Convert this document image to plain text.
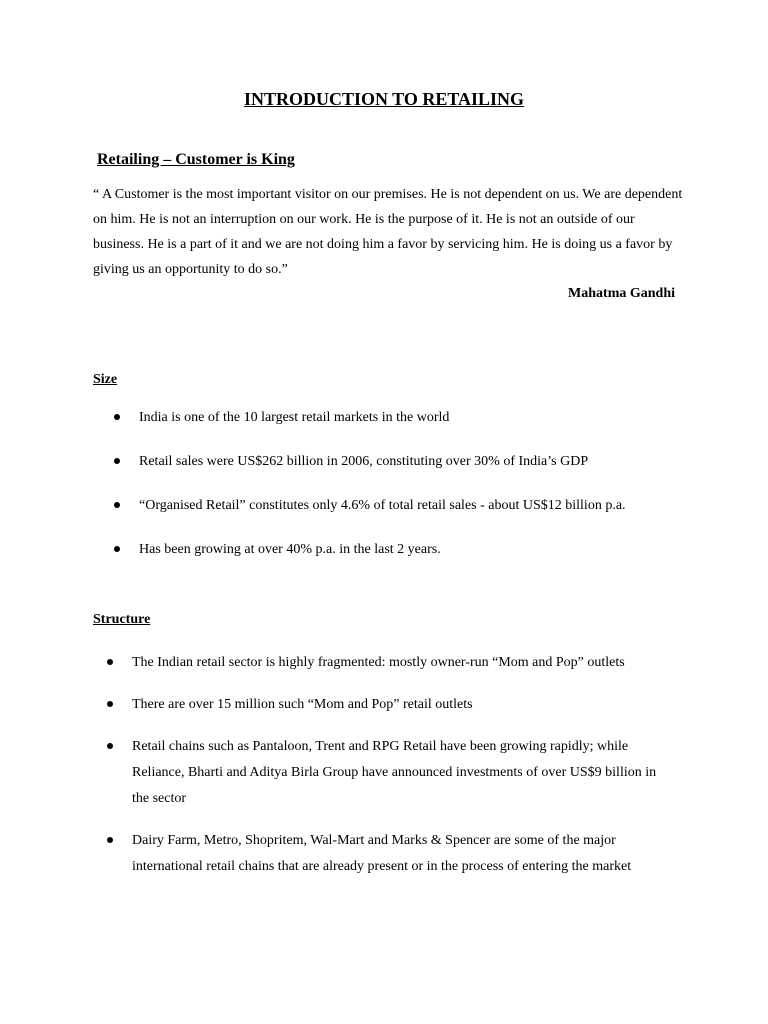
INTRODUCTION TO RETAILING
Retailing – Customer is King
“ A Customer is the most important visitor on our premises. He is not dependent on us. We are dependent on him. He is not an interruption on our work. He is the purpose of it. He is not an outside of our business. He is a part of it and we are not doing him a favor by servicing him. He is doing us a favor by giving us an opportunity to do so.”
Mahatma Gandhi
Size
India is one of the 10 largest retail markets in the world
Retail sales were US$262 billion in 2006, constituting over 30% of India’s GDP
“Organised Retail” constitutes only 4.6% of total retail sales - about US$12 billion p.a.
Has been growing at over 40% p.a. in the last 2 years.
Structure
The Indian retail sector is highly fragmented: mostly owner-run “Mom and Pop” outlets
There are over 15 million such “Mom and Pop” retail outlets
Retail chains such as Pantaloon, Trent and RPG Retail have been growing rapidly; while Reliance, Bharti and Aditya Birla Group have announced investments of over US$9 billion in the sector
Dairy Farm, Metro, Shopritem, Wal-Mart and Marks & Spencer are some of the major international retail chains that are already present or in the process of entering the market
